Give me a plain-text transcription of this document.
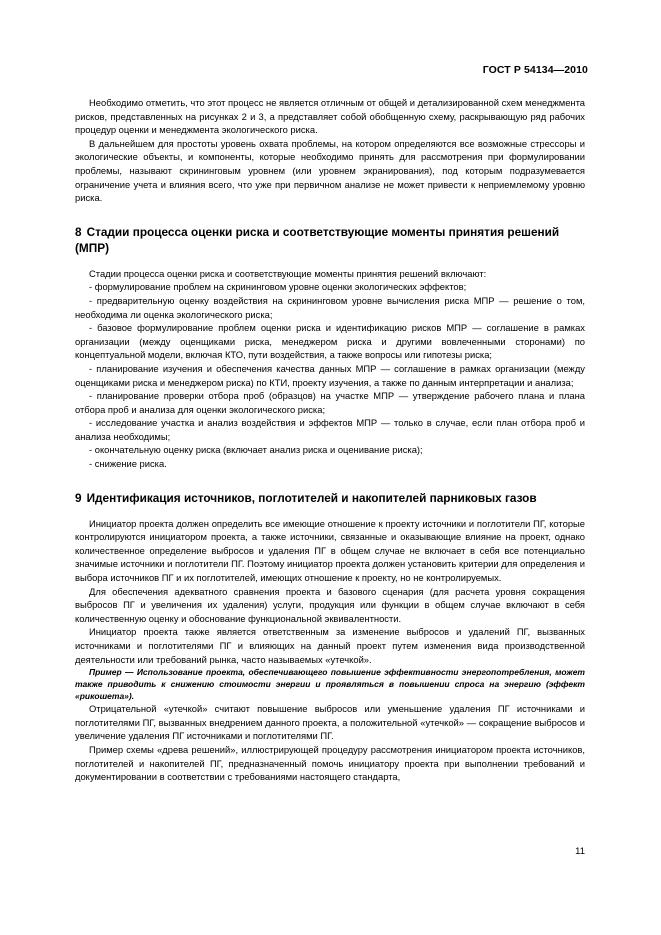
ГОСТ Р 54134—2010

Необходимо отметить, что этот процесс не является отличным от общей и детализированной схем менеджмента рисков, представленных на рисунках 2 и 3, а представляет собой обобщенную схему, раскрывающую ряд рабочих процедур оценки и менеджмента экологического риска.

В дальнейшем для простоты уровень охвата проблемы, на котором определяются все возможные стрессоры и экологические объекты, и компоненты, которые необходимо принять для рассмотрения при формулировании проблемы, называют скрининговым уровнем (или уровнем экранирования), под которым подразумевается ограничение учета и влияния всего, что уже при первичном анализе не может привести к неприемлемому уровню риска.

8 Стадии процесса оценки риска и соответствующие моменты принятия решений (МПР)

Стадии процесса оценки риска и соответствующие моменты принятия решений включают:

- формулирование проблем на скрининговом уровне оценки экологических эффектов;

- предварительную оценку воздействия на скрининговом уровне вычисления риска МПР — решение о том, необходима ли оценка экологического риска;

- базовое формулирование проблем оценки риска и идентификацию рисков МПР — соглашение в рамках организации (между оценщиками риска, менеджером риска и другими вовлеченными сторонами) по концептуальной модели, включая КТО, пути воздействия, а также вопросы или гипотезы риска;

- планирование изучения и обеспечения качества данных МПР — соглашение в рамках организации (между оценщиками риска и менеджером риска) по КТИ, проекту изучения, а также по данным интерпретации и анализа;

- планирование проверки отбора проб (образцов) на участке МПР — утверждение рабочего плана и плана отбора проб и анализа для оценки экологического риска;

- исследование участка и анализ воздействия и эффектов МПР — только в случае, если план отбора проб и анализа необходимы;

- окончательную оценку риска (включает анализ риска и оценивание риска);

- снижение риска.

9 Идентификация источников, поглотителей и накопителей парниковых газов

Инициатор проекта должен определить все имеющие отношение к проекту источники и поглотители ПГ, которые контролируются инициатором проекта, а также источники, связанные и оказывающие влияние на проект, однако количественное определение выбросов и удаления ПГ в общем случае не включает в себя все потенциально значимые источники и поглотители ПГ. Поэтому инициатор проекта должен установить критерии для определения и выбора источников ПГ и их поглотителей, имеющих отношение к проекту, но не контролируемых.

Для обеспечения адекватного сравнения проекта и базового сценария (для расчета уровня сокращения выбросов ПГ и увеличения их удаления) услуги, продукция или функции в общем случае включают в себя количественную оценку и обоснование функциональной эквивалентности.

Инициатор проекта также является ответственным за изменение выбросов и удалений ПГ, вызванных источниками и поглотителями ПГ и влияющих на данный проект путем изменения вида производственной деятельности или требований рынка, часто называемых «утечкой».

Пример — Использование проекта, обеспечивающего повышение эффективности энергопотребления, может также приводить к снижению стоимости энергии и проявляться в повышении спроса на энергию (эффект «рикошета»).

Отрицательной «утечкой» считают повышение выбросов или уменьшение удаления ПГ источниками и поглотителями ПГ, вызванных внедрением данного проекта, а положительной «утечкой» — сокращение выбросов и увеличение удаления ПГ источниками и поглотителями ПГ.

Пример схемы «древа решений», иллюстрирующей процедуру рассмотрения инициатором проекта источников, поглотителей и накопителей ПГ, предназначенный помочь инициатору проекта при выполнении требований и документировании в соответствии с требованиями настоящего стандарта,

11
